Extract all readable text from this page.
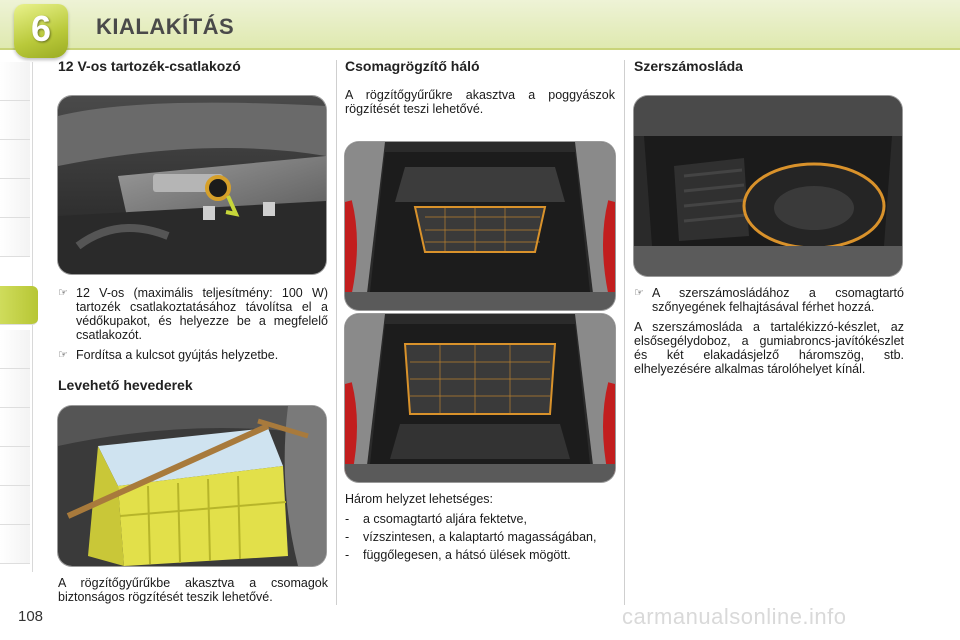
6	KIALAKÍTÁS
12 V-os tartozék-csatlakozó
☞ 12 V-os (maximális teljesítmény: 100 W) tartozék csatlakoztatásához távolítsa el a védőkupakot, és helyezze be a megfelelő csatlakozót.
☞ Fordítsa a kulcsot gyújtás helyzetbe.
Levehető hevederek

A rögzítőgyűrűkbe akasztva a csomagok biztonságos rögzítését teszik lehetővé.

Csomagrögzítő háló

A rögzítőgyűrűkre akasztva a poggyászok rögzítését teszi lehetővé.

Három helyzet lehetséges:

-	a csomagtartó aljára fektetve,
-	vízszintesen, a kalaptartó magasságában,
-	függőlegesen, a hátsó ülések mögött.
Szerszámosláda
☞ A szerszámosládához a csomagtartó szőnyegének felhajtásával férhet hozzá.

A szerszámosláda a tartalékizzó-készlet, az elsősegélydoboz, a gumiabroncs-javítókészlet és két elakadásjelző háromszög, stb. elhelyezésére alkalmas tárolóhelyet kínál.

108	carmanualsonline.info
